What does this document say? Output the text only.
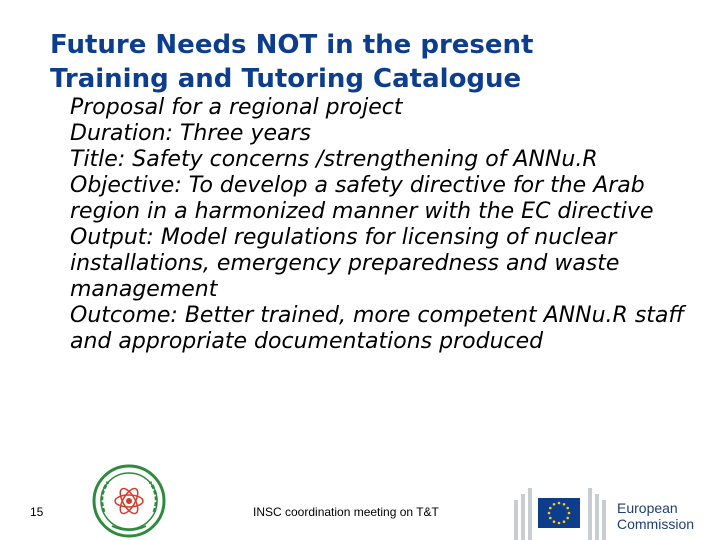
Future Needs NOT in the present
Training and Tutoring Catalogue

Proposal for a regional project

Duration: Three years

Title: Safety concerns /strengthening of ANNu.R

Objective: To develop a safety directive for the Arab region in a harmonized manner with the EC directive

Output: Model regulations for licensing of nuclear installations, emergency preparedness and waste management

Outcome: Better trained, more competent ANNu.R staff and appropriate documentations produced

15	INSC coordination meeting on T&T	European

Commission
